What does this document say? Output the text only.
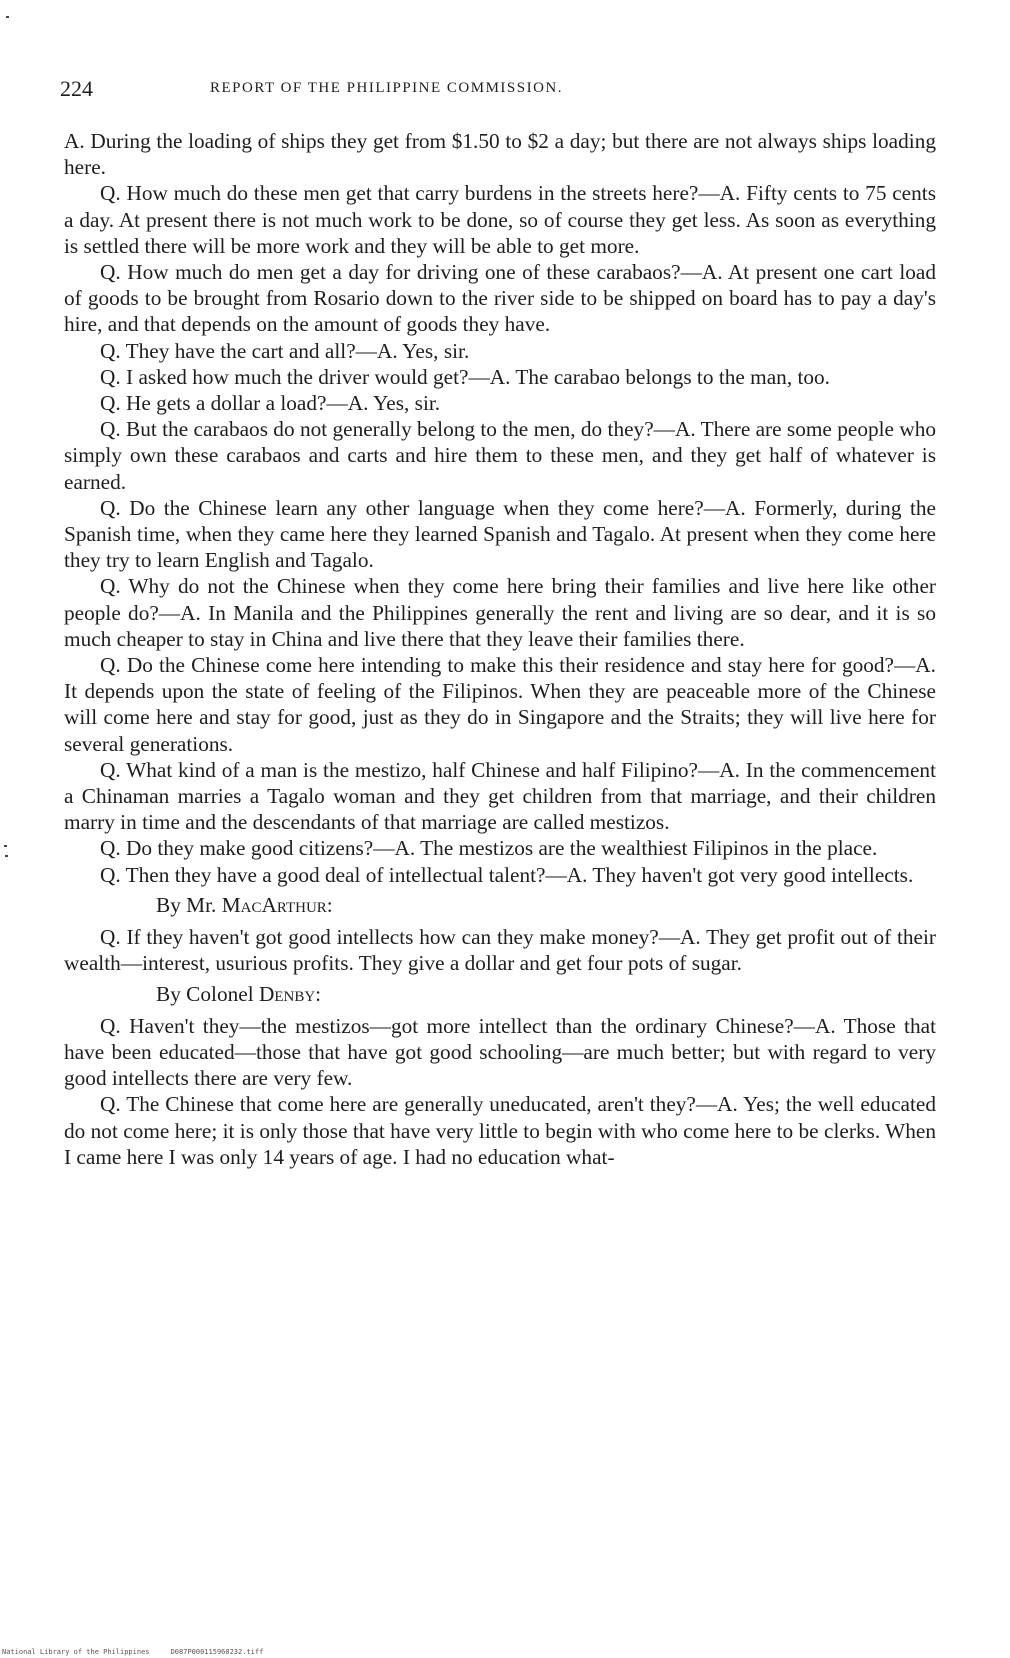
224	REPORT OF THE PHILIPPINE COMMISSION.

A. During the loading of ships they get from $1.50 to $2 a day; but there are not always ships loading here.

Q. How much do these men get that carry burdens in the streets here?—A. Fifty cents to 75 cents a day. At present there is not much work to be done, so of course they get less. As soon as everything is settled there will be more work and they will be able to get more.

Q. How much do men get a day for driving one of these carabaos?—A. At present one cart load of goods to be brought from Rosario down to the river side to be shipped on board has to pay a day's hire, and that depends on the amount of goods they have.

Q. They have the cart and all?—A. Yes, sir.

Q. I asked how much the driver would get?—A. The carabao belongs to the man, too.

Q. He gets a dollar a load?—A. Yes, sir.

Q. But the carabaos do not generally belong to the men, do they?—A. There are some people who simply own these carabaos and carts and hire them to these men, and they get half of whatever is earned.

Q. Do the Chinese learn any other language when they come here?—A. Formerly, during the Spanish time, when they came here they learned Spanish and Tagalo. At present when they come here they try to learn English and Tagalo.

Q. Why do not the Chinese when they come here bring their families and live here like other people do?—A. In Manila and the Philippines generally the rent and living are so dear, and it is so much cheaper to stay in China and live there that they leave their families there.

Q. Do the Chinese come here intending to make this their residence and stay here for good?—A. It depends upon the state of feeling of the Filipinos. When they are peaceable more of the Chinese will come here and stay for good, just as they do in Singapore and the Straits; they will live here for several generations.

Q. What kind of a man is the mestizo, half Chinese and half Filipino?—A. In the commencement a Chinaman marries a Tagalo woman and they get children from that marriage, and their children marry in time and the descendants of that marriage are called mestizos.

Q. Do they make good citizens?—A. The mestizos are the wealthiest Filipinos in the place.

Q. Then they have a good deal of intellectual talent?—A. They haven't got very good intellects.

By Mr. MacArthur:

Q. If they haven't got good intellects how can they make money?—A. They get profit out of their wealth—interest, usurious profits. They give a dollar and get four pots of sugar.

By Colonel Denby:

Q. Haven't they—the mestizos—got more intellect than the ordinary Chinese?—A. Those that have been educated—those that have got good schooling—are much better; but with regard to very good intellects there are very few.

Q. The Chinese that come here are generally uneducated, aren't they?—A. Yes; the well educated do not come here; it is only those that have very little to begin with who come here to be clerks. When I came here I was only 14 years of age. I had no education what-

National Library of the Philippines	D087P000115960232.tiff
